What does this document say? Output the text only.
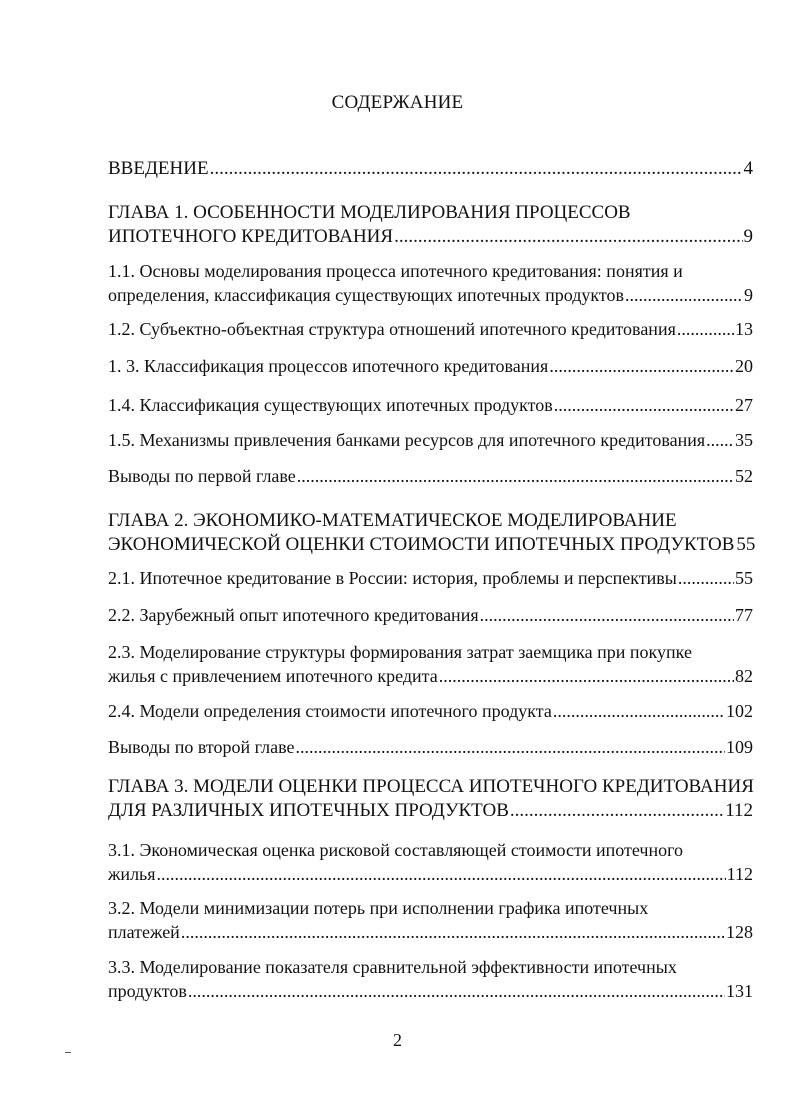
СОДЕРЖАНИЕ
ВВЕДЕНИЕ .....	4
ГЛАВА 1. ОСОБЕННОСТИ МОДЕЛИРОВАНИЯ ПРОЦЕССОВ
ИПОТЕЧНОГО КРЕДИТОВАНИЯ .....	9
1.1. Основы моделирования процесса ипотечного кредитования: понятия и
определения, классификация существующих ипотечных продуктов .....	9
1.2. Субъектно-объектная структура отношений ипотечного кредитования .....	13
1. 3. Классификация процессов ипотечного кредитования .....	20
1.4. Классификация существующих ипотечных продуктов .....	27
1.5. Механизмы привлечения банками ресурсов для ипотечного кредитования ..... 35
Выводы по первой главе .....	52
ГЛАВА 2. ЭКОНОМИКО-МАТЕМАТИЧЕСКОЕ МОДЕЛИРОВАНИЕ
ЭКОНОМИЧЕСКОЙ ОЦЕНКИ СТОИМОСТИ ИПОТЕЧНЫХ ПРОДУКТОВ 55
2.1. Ипотечное кредитование в России: история, проблемы и перспективы .....	55
2.2. Зарубежный опыт ипотечного кредитования .....	77
2.3. Моделирование структуры формирования затрат заемщика при покупке
жилья с привлечением ипотечного кредита .....	82
2.4. Модели определения стоимости ипотечного продукта .....	102
Выводы по второй главе .....	109
ГЛАВА 3. МОДЕЛИ ОЦЕНКИ ПРОЦЕССА ИПОТЕЧНОГО КРЕДИТОВАНИЯ
ДЛЯ РАЗЛИЧНЫХ ИПОТЕЧНЫХ ПРОДУКТОВ .....	112
3.1. Экономическая оценка рисковой составляющей стоимости ипотечного
жилья .....	112
3.2. Модели минимизации потерь при исполнении графика ипотечных
платежей .....	128
3.3. Моделирование показателя сравнительной эффективности ипотечных
продуктов .....	131
2
